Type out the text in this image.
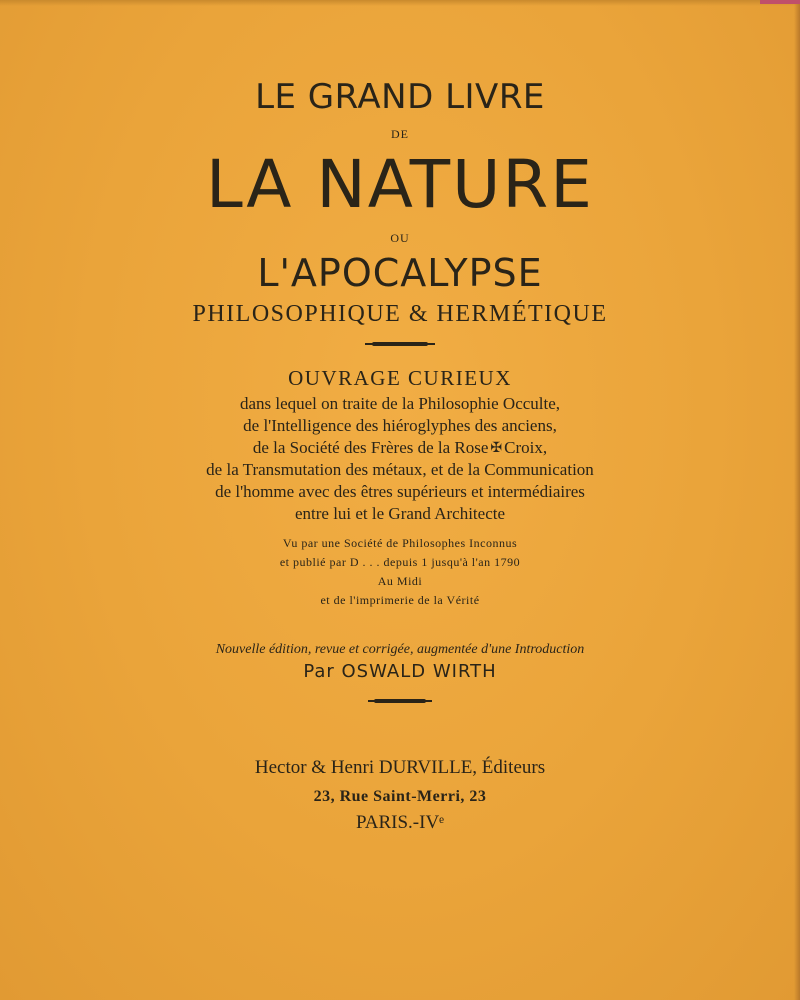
LE GRAND LIVRE
DE
LA NATURE
OU
L'APOCALYPSE
PHILOSOPHIQUE & HERMÉTIQUE
OUVRAGE CURIEUX
dans lequel on traite de la Philosophie Occulte,
de l'Intelligence des hiéroglyphes des anciens,
de la Société des Frères de la Rose ✠ Croix,
de la Transmutation des métaux, et de la Communication
de l'homme avec des êtres supérieurs et intermédiaires
entre lui et le Grand Architecte
Vu par une Société de Philosophes Inconnus
et publié par D . . . depuis 1 jusqu'à l'an 1790
Au Midi
et de l'imprimerie de la Vérité
Nouvelle édition, revue et corrigée, augmentée d'une Introduction
Par OSWALD WIRTH
Hector & Henri DURVILLE, Éditeurs
23, Rue Saint-Merri, 23
PARIS.-IVᵉ
